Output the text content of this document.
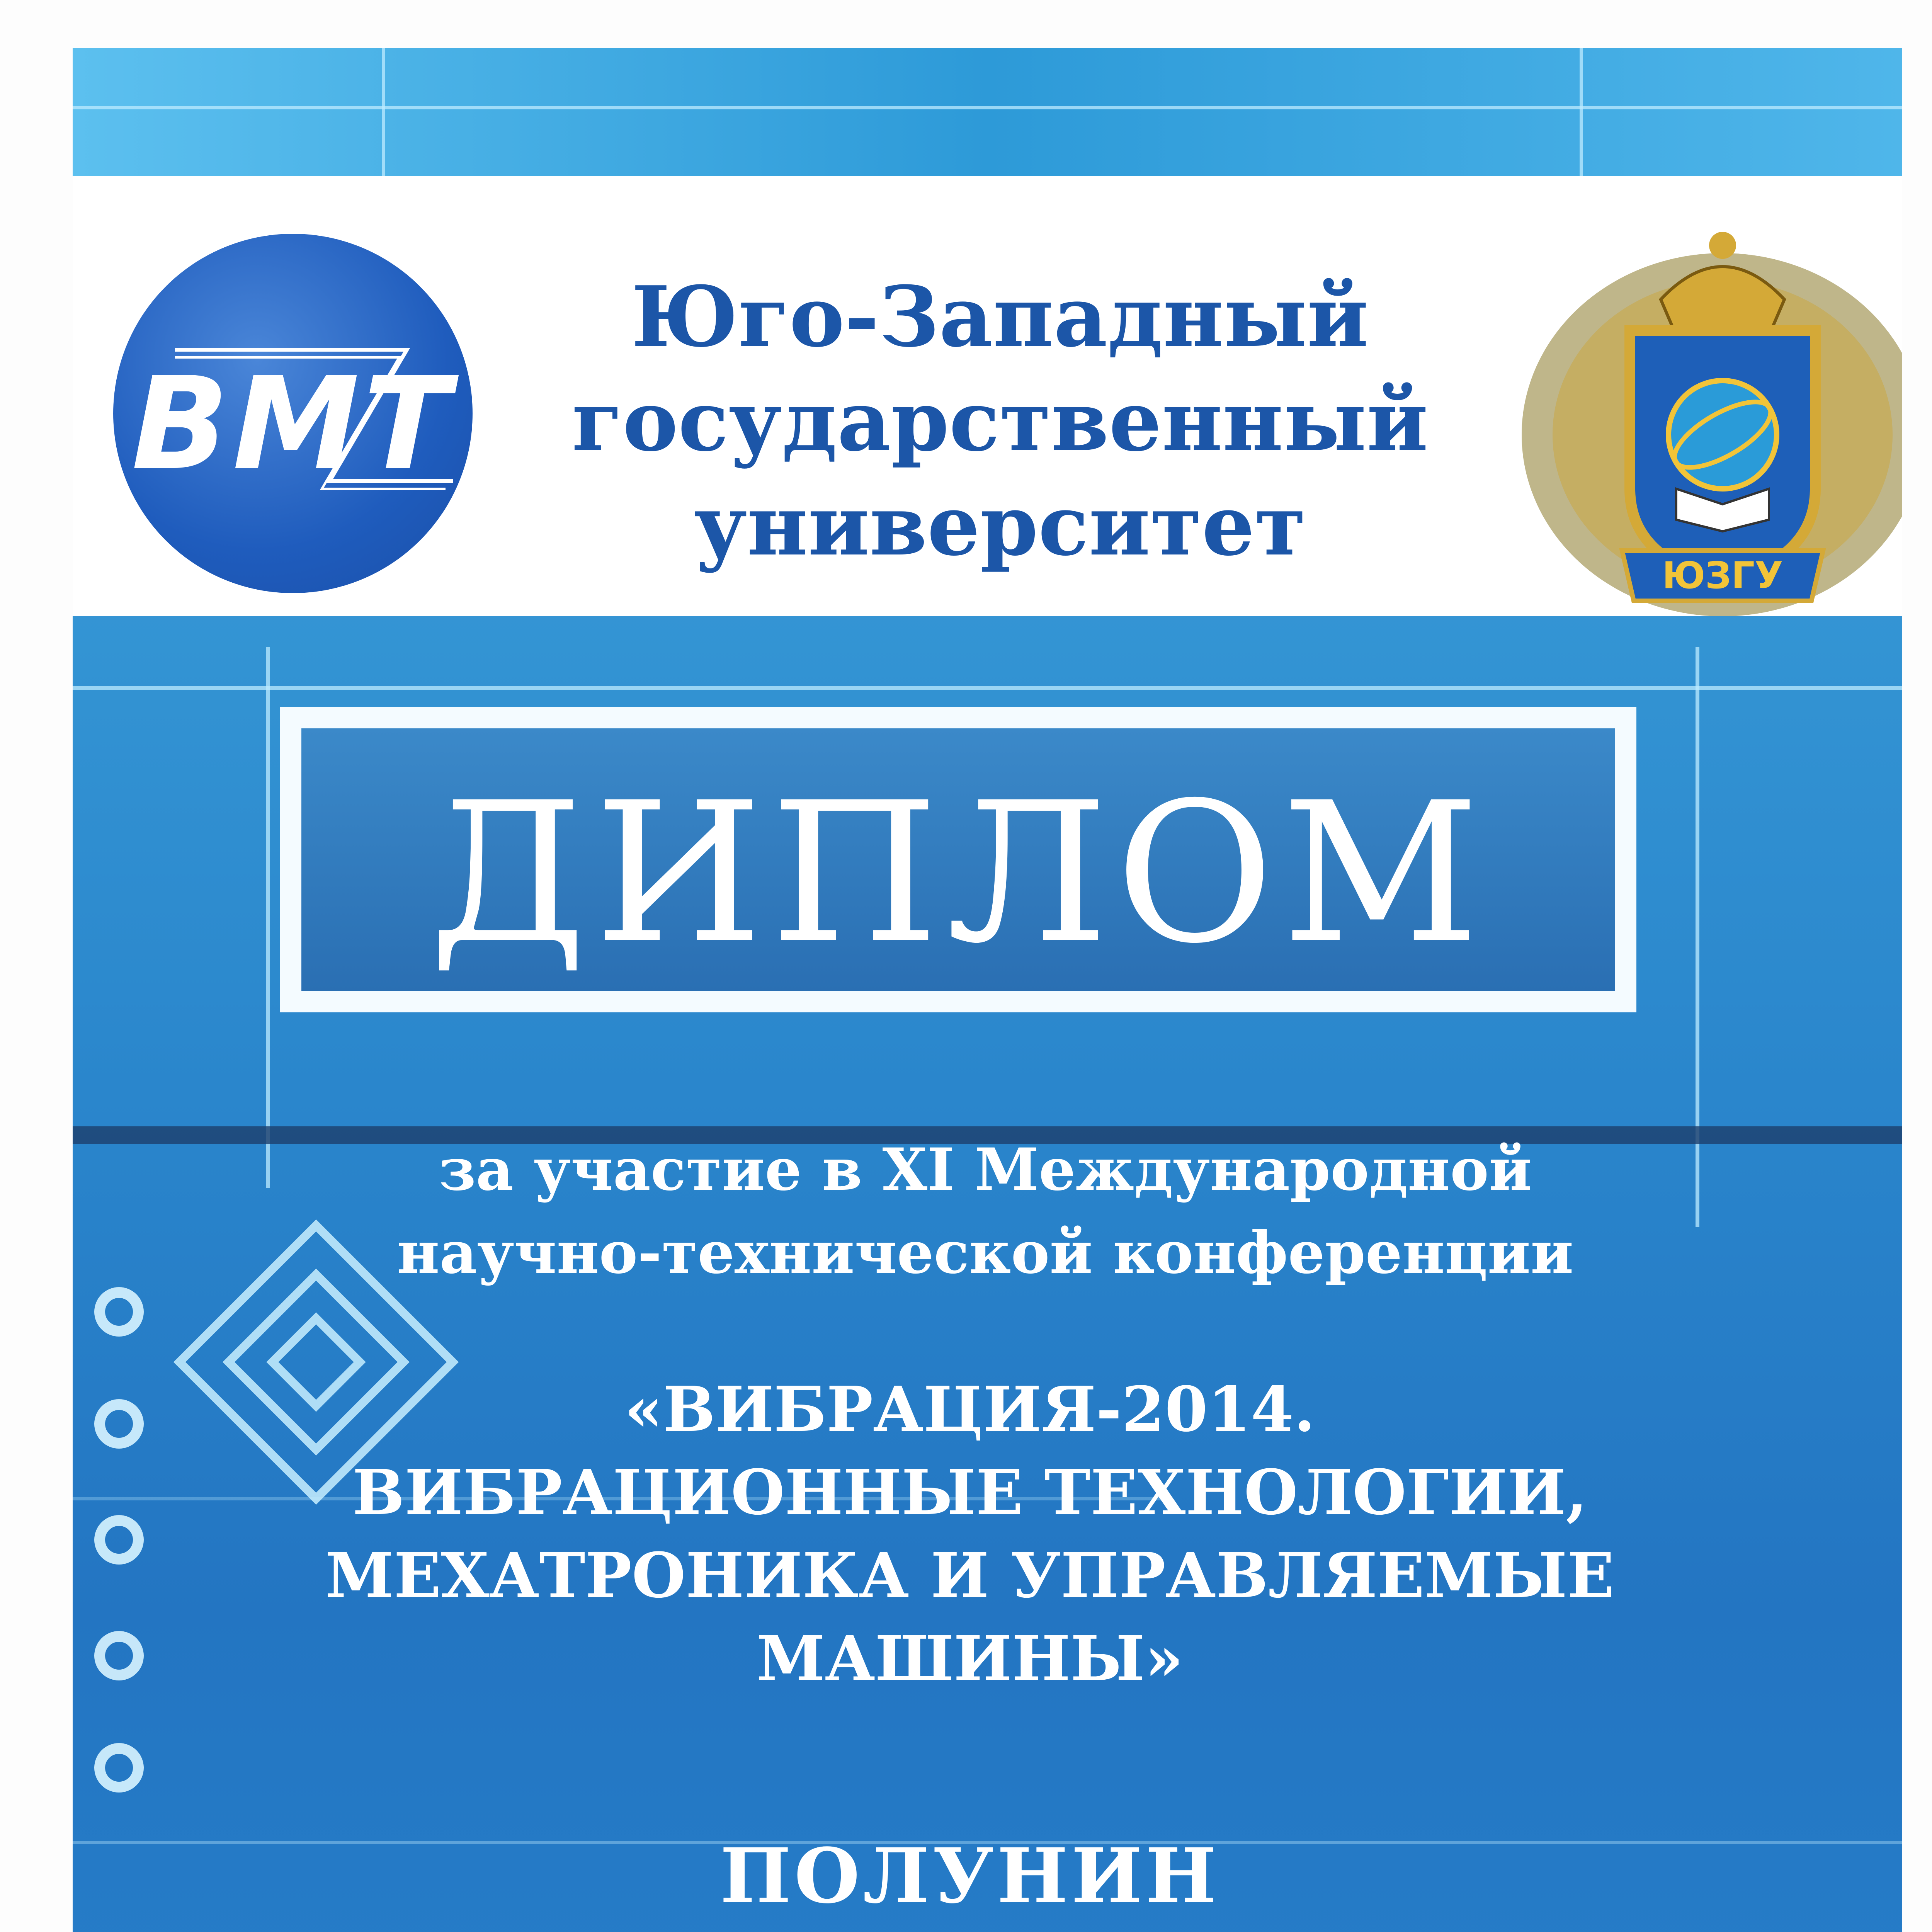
ВМТ
Юго-Западный
государственный
университет
ЮЗГУ
ДИПЛОМ
за участие в XI Международной
научно-технической конференции
«ВИБРАЦИЯ-2014.
ВИБРАЦИОННЫЕ ТЕХНОЛОГИИ,
МЕХАТРОНИКА И УПРАВЛЯЕМЫЕ
МАШИНЫ»
ПОЛУНИН
